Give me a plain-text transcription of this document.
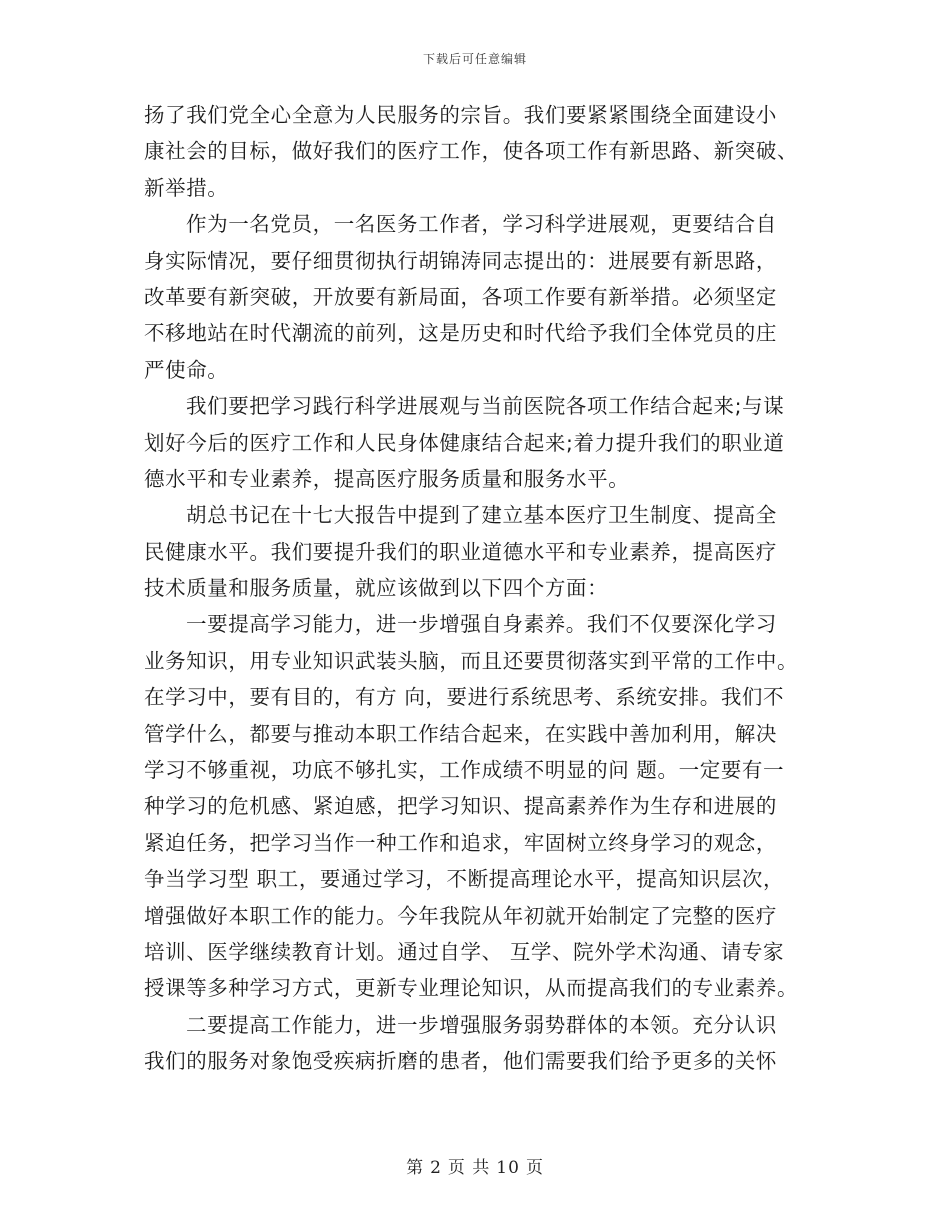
下载后可任意编辑
扬了我们党全心全意为人民服务的宗旨。我们要紧紧围绕全面建设小
康社会的目标，做好我们的医疗工作，使各项工作有新思路、新突破、
新举措。
作为一名党员，一名医务工作者，学习科学进展观，更要结合自
身实际情况，要仔细贯彻执行胡锦涛同志提出的：进展要有新思路，
改革要有新突破，开放要有新局面，各项工作要有新举措。必须坚定
不移地站在时代潮流的前列，这是历史和时代给予我们全体党员的庄
严使命。
我们要把学习践行科学进展观与当前医院各项工作结合起来;与谋
划好今后的医疗工作和人民身体健康结合起来;着力提升我们的职业道
德水平和专业素养，提高医疗服务质量和服务水平。
胡总书记在十七大报告中提到了建立基本医疗卫生制度、提高全
民健康水平。我们要提升我们的职业道德水平和专业素养，提高医疗
技术质量和服务质量，就应该做到以下四个方面：
一要提高学习能力，进一步增强自身素养。我们不仅要深化学习
业务知识，用专业知识武装头脑，而且还要贯彻落实到平常的工作中。
在学习中，要有目的，有方 向，要进行系统思考、系统安排。我们不
管学什么，都要与推动本职工作结合起来，在实践中善加利用，解决
学习不够重视，功底不够扎实，工作成绩不明显的问 题。一定要有一
种学习的危机感、紧迫感，把学习知识、提高素养作为生存和进展的
紧迫任务，把学习当作一种工作和追求，牢固树立终身学习的观念，
争当学习型 职工，要通过学习，不断提高理论水平，提高知识层次，
增强做好本职工作的能力。今年我院从年初就开始制定了完整的医疗
培训、医学继续教育计划。通过自学、 互学、院外学术沟通、请专家
授课等多种学习方式，更新专业理论知识，从而提高我们的专业素养。
二要提高工作能力，进一步增强服务弱势群体的本领。充分认识
我们的服务对象饱受疾病折磨的患者，他们需要我们给予更多的关怀
第 2 页 共 10 页
